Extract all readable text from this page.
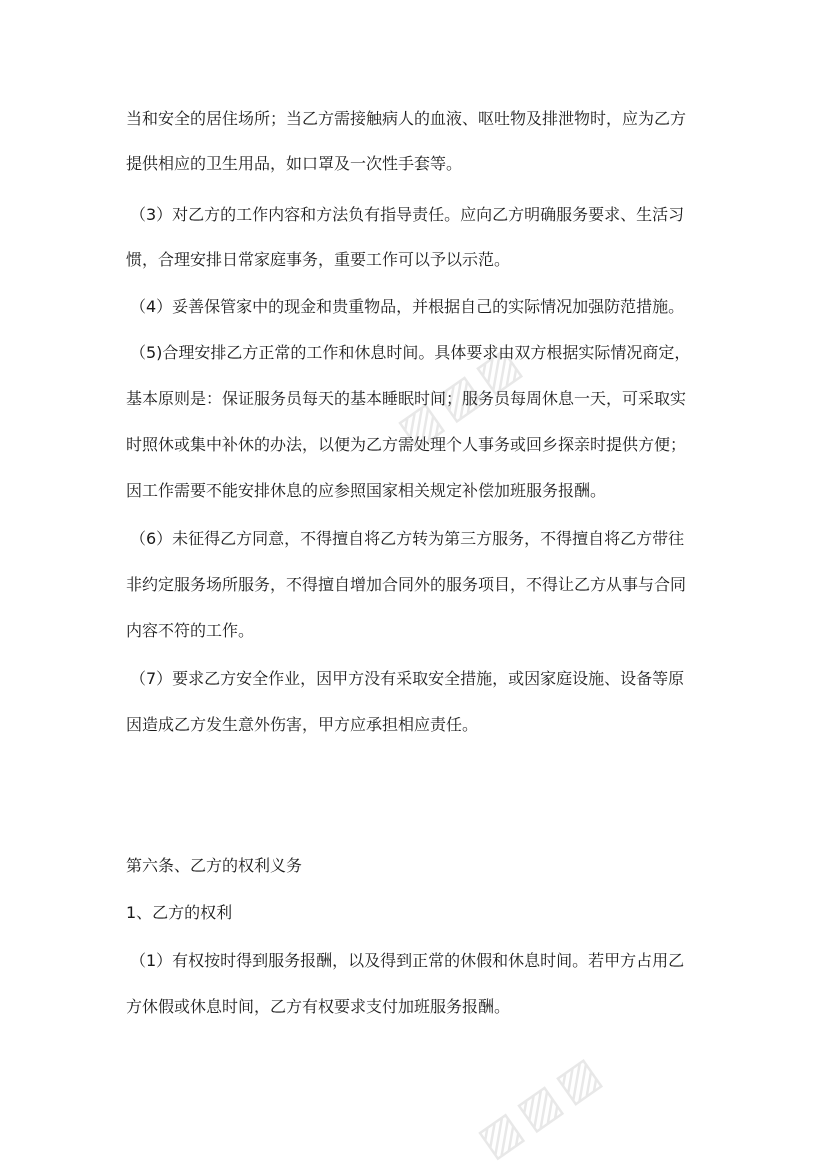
▨▨▨
▨▨▨
当和安全的居住场所；当乙方需接触病人的血液、呕吐物及排泄物时，应为乙方
提供相应的卫生用品，如口罩及一次性手套等。
（3）对乙方的工作内容和方法负有指导责任。应向乙方明确服务要求、生活习
惯，合理安排日常家庭事务，重要工作可以予以示范。
（4）妥善保管家中的现金和贵重物品，并根据自己的实际情况加强防范措施。
（5)合理安排乙方正常的工作和休息时间。具体要求由双方根据实际情况商定，
基本原则是：保证服务员每天的基本睡眠时间；服务员每周休息一天，可采取实
时照休或集中补休的办法，以便为乙方需处理个人事务或回乡探亲时提供方便；
因工作需要不能安排休息的应参照国家相关规定补偿加班服务报酬。
（6）未征得乙方同意，不得擅自将乙方转为第三方服务，不得擅自将乙方带往
非约定服务场所服务，不得擅自增加合同外的服务项目，不得让乙方从事与合同
内容不符的工作。
（7）要求乙方安全作业，因甲方没有采取安全措施，或因家庭设施、设备等原
因造成乙方发生意外伤害，甲方应承担相应责任。
第六条、乙方的权利义务
1、乙方的权利
（1）有权按时得到服务报酬，以及得到正常的休假和休息时间。若甲方占用乙
方休假或休息时间，乙方有权要求支付加班服务报酬。
